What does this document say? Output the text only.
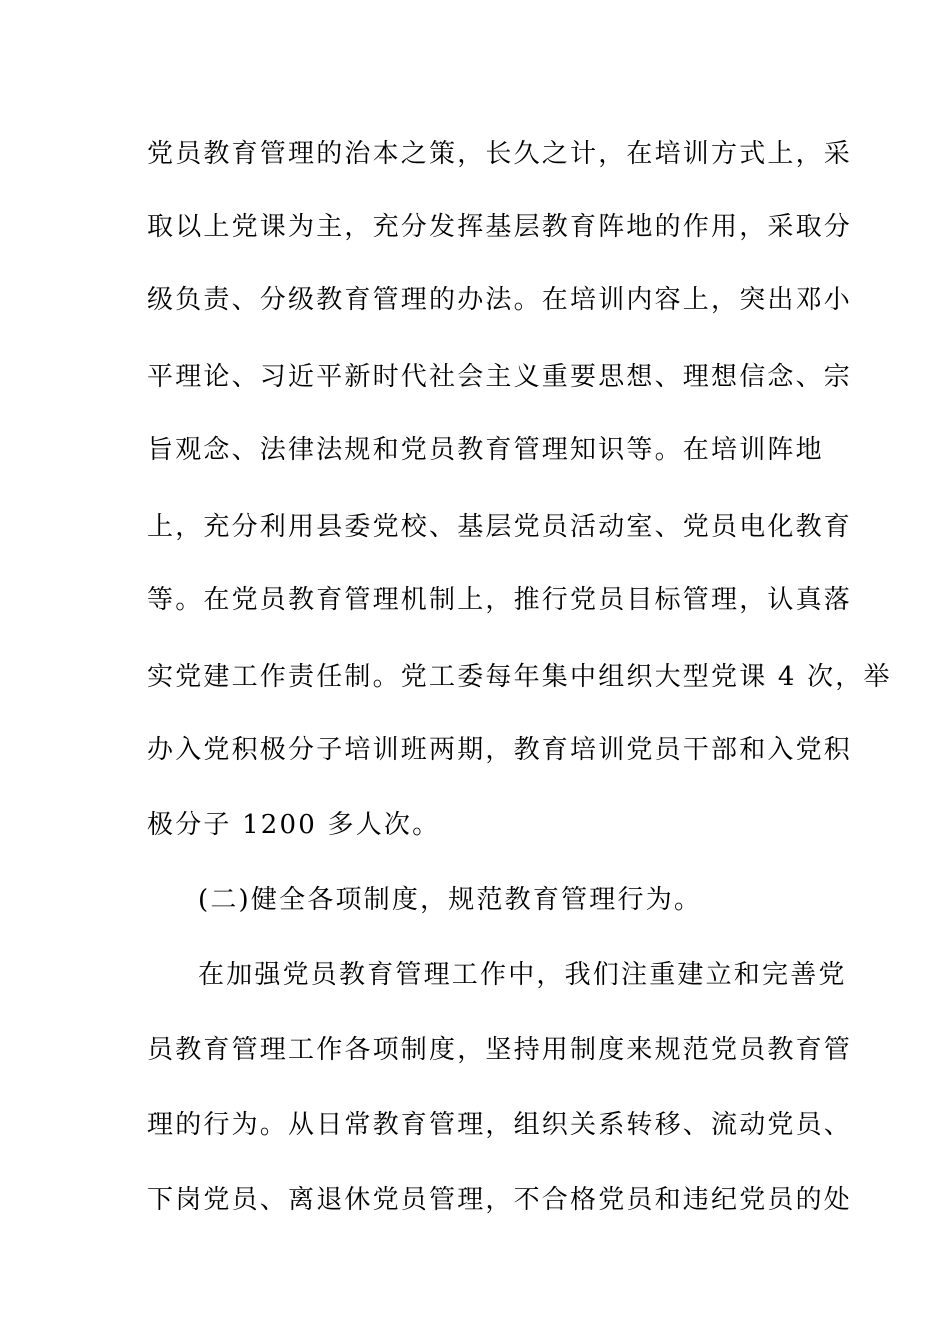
党员教育管理的治本之策，长久之计，在培训方式上，采
取以上党课为主，充分发挥基层教育阵地的作用，采取分
级负责、分级教育管理的办法。在培训内容上，突出邓小
平理论、习近平新时代社会主义重要思想、理想信念、宗
旨观念、法律法规和党员教育管理知识等。在培训阵地
上，充分利用县委党校、基层党员活动室、党员电化教育
等。在党员教育管理机制上，推行党员目标管理，认真落
实党建工作责任制。党工委每年集中组织大型党课 4 次，举
办入党积极分子培训班两期，教育培训党员干部和入党积
极分子 1200 多人次。
(二)健全各项制度，规范教育管理行为。
在加强党员教育管理工作中，我们注重建立和完善党
员教育管理工作各项制度，坚持用制度来规范党员教育管
理的行为。从日常教育管理，组织关系转移、流动党员、
下岗党员、离退休党员管理，不合格党员和违纪党员的处
